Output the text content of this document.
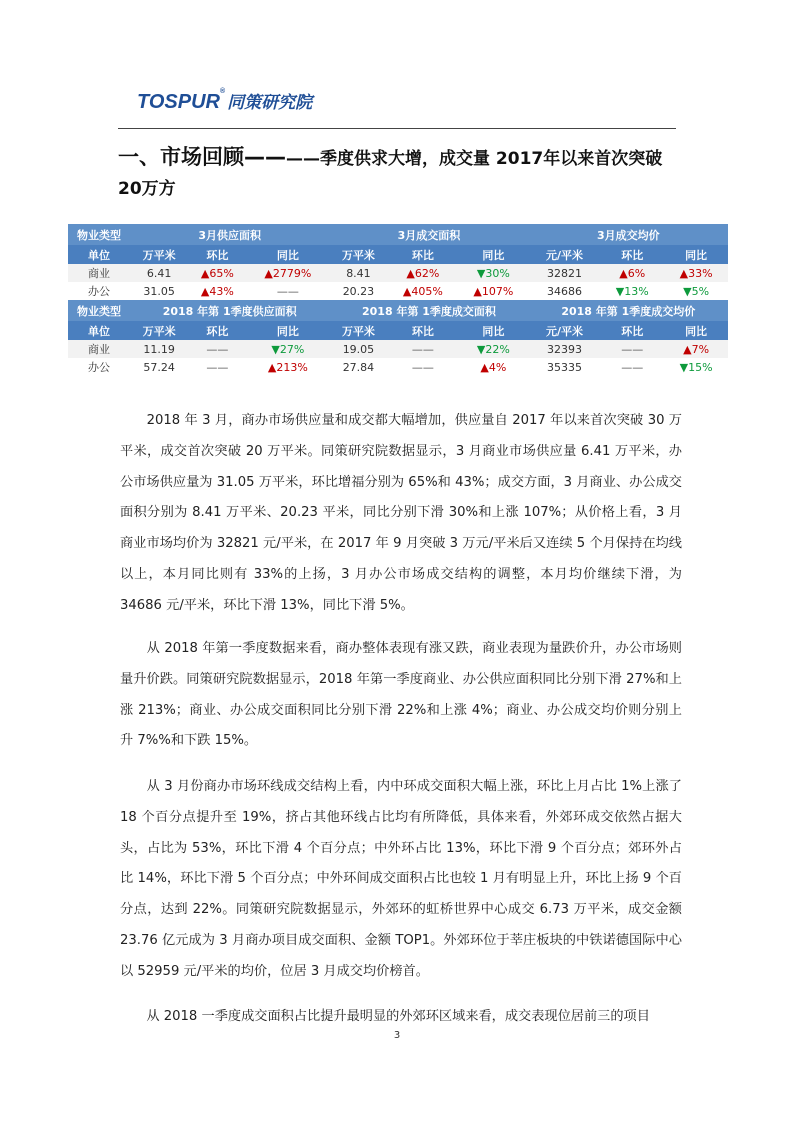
TOSPUR®同策研究院
一、市场回顾————季度供求大增，成交量 2017年以来首次突破 20万方
物业类型	3月供应面积			3月成交面积			3月成交均价		
单位	万平米	环比	同比	万平米	环比	同比	元/平米	环比	同比
商业	6.41	▲65%	▲2779%	8.41	▲62%	▼30%	32821	▲6%	▲33%
办公	31.05	▲43%	——	20.23	▲405%	▲107%	34686	▼13%	▼5%
物业类型	2018 年第 1季度供应面积			2018 年第 1季度成交面积			2018 年第 1季度成交均价		
单位	万平米	环比	同比	万平米	环比	同比	元/平米	环比	同比
商业	11.19	——	▼27%	19.05	——	▼22%	32393	——	▲7%
办公	57.24	——	▲213%	27.84	——	▲4%	35335	——	▼15%
　　2018 年 3 月，商办市场供应量和成交都大幅增加，供应量自 2017 年以来首次突破 30 万平米，成交首次突破 20 万平米。同策研究院数据显示，3 月商业市场供应量 6.41 万平米，办公市场供应量为 31.05 万平米，环比增福分别为 65%和 43%；成交方面，3 月商业、办公成交面积分别为 8.41 万平米、20.23 平米，同比分别下滑 30%和上涨 107%；从价格上看，3 月商业市场均价为 32821 元/平米，在 2017 年 9 月突破 3 万元/平米后又连续 5 个月保持在均线以上，本月同比则有 33%的上扬，3 月办公市场成交结构的调整，本月均价继续下滑，为 34686 元/平米，环比下滑 13%，同比下滑 5%。
　　从 2018 年第一季度数据来看，商办整体表现有涨又跌，商业表现为量跌价升，办公市场则量升价跌。同策研究院数据显示，2018 年第一季度商业、办公供应面积同比分别下滑 27%和上涨 213%；商业、办公成交面积同比分别下滑 22%和上涨 4%；商业、办公成交均价则分别上升 7%%和下跌 15%。
　　从 3 月份商办市场环线成交结构上看，内中环成交面积大幅上涨，环比上月占比 1%上涨了 18 个百分点提升至 19%，挤占其他环线占比均有所降低，具体来看，外郊环成交依然占据大头，占比为 53%，环比下滑 4 个百分点；中外环占比 13%，环比下滑 9 个百分点；郊环外占比 14%，环比下滑 5 个百分点；中外环间成交面积占比也较 1 月有明显上升，环比上扬 9 个百分点，达到 22%。同策研究院数据显示，外郊环的虹桥世界中心成交 6.73 万平米，成交金额 23.76 亿元成为 3 月商办项目成交面积、金额 TOP1。外郊环位于莘庄板块的中铁诺德国际中心以 52959 元/平米的均价，位居 3 月成交均价榜首。
　　从 2018 一季度成交面积占比提升最明显的外郊环区域来看，成交表现位居前三的项目
3
